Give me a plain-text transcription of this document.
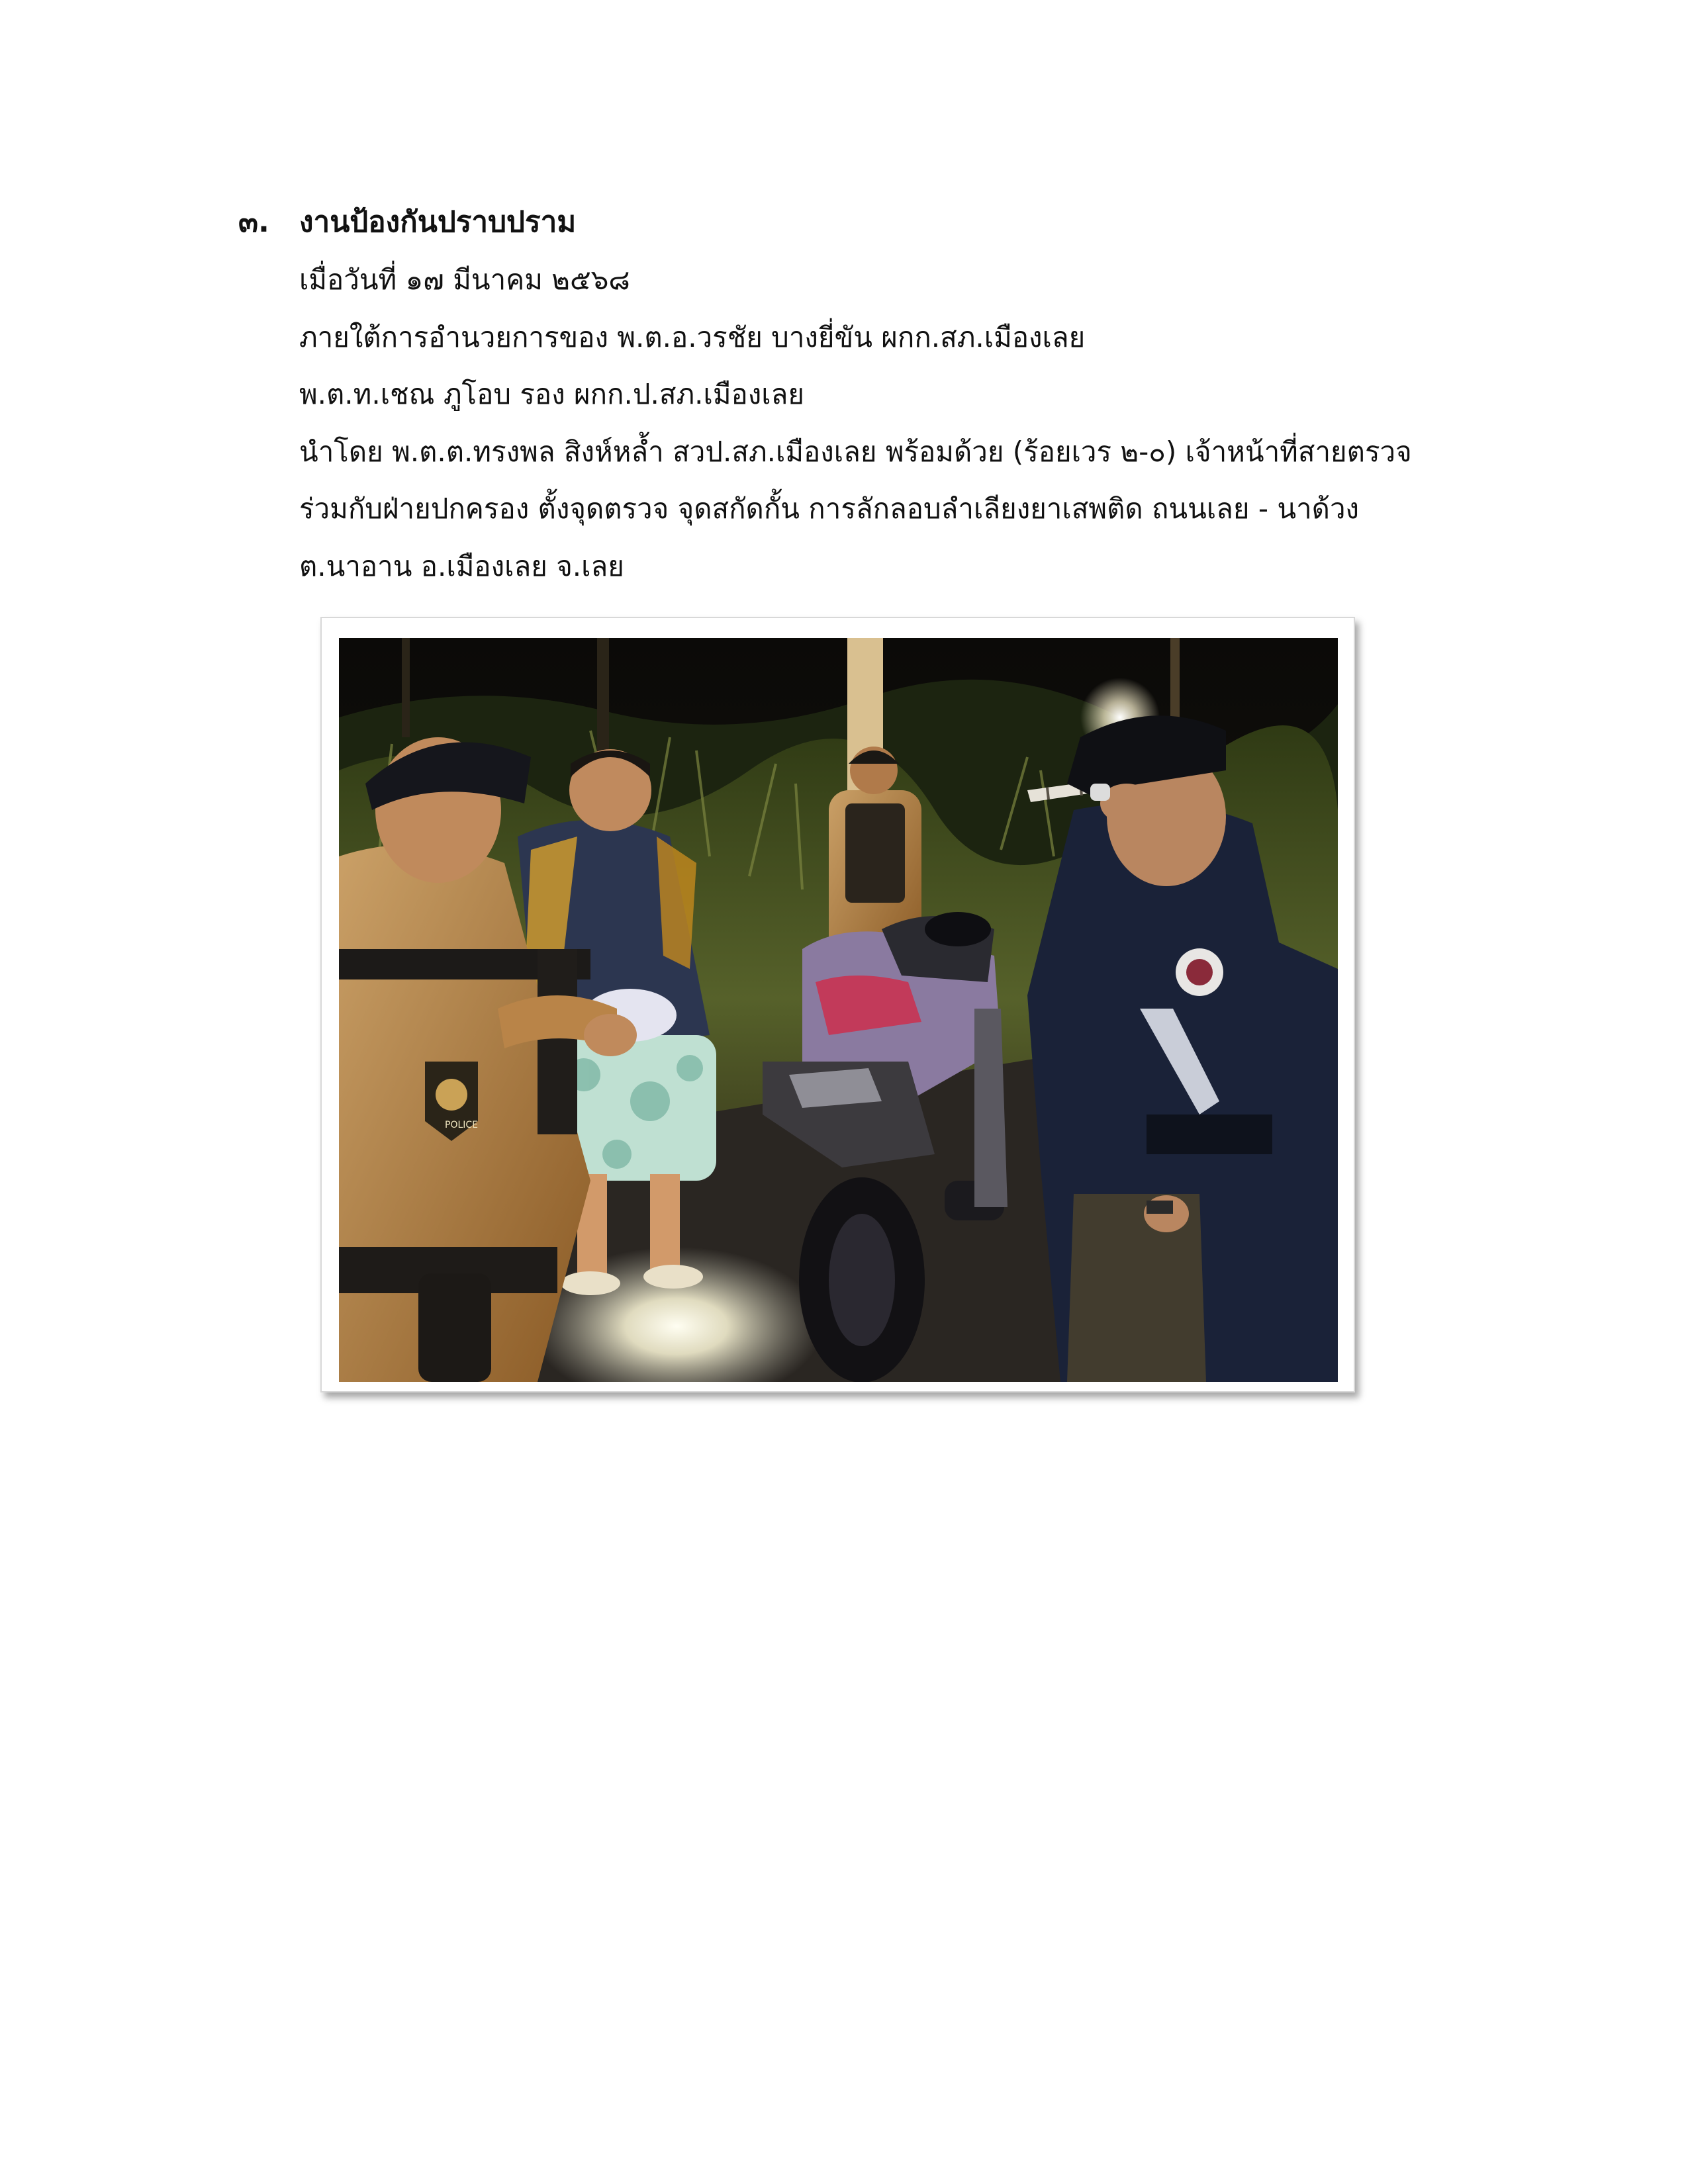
๓.	งานป้องกันปราบปราม
เมื่อวันที่ ๑๗ มีนาคม ๒๕๖๘
ภายใต้การอำนวยการของ พ.ต.อ.วรชัย บางยี่ขัน ผกก.สภ.เมืองเลย
พ.ต.ท.เชณ ภูโอบ รอง ผกก.ป.สภ.เมืองเลย
นำโดย พ.ต.ต.ทรงพล สิงห์หล้ำ สวป.สภ.เมืองเลย พร้อมด้วย (ร้อยเวร ๒-๐) เจ้าหน้าที่สายตรวจ
ร่วมกับฝ่ายปกครอง ตั้งจุดตรวจ จุดสกัดกั้น การลักลอบลำเลียงยาเสพติด ถนนเลย - นาด้วง
ต.นาอาน อ.เมืองเลย จ.เลย
POLICE
